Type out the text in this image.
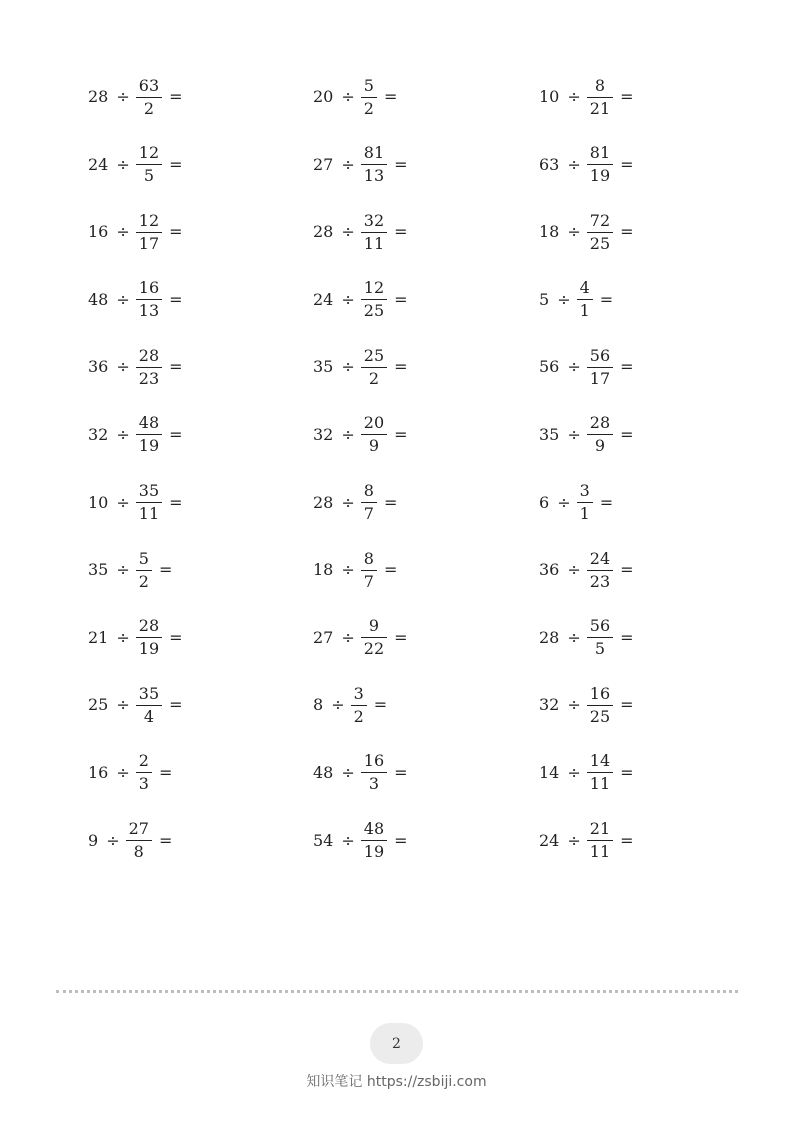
$28 \div \frac{63}{2}$ =	$20 \div \frac{5}{2}$ =	$10 \div \frac{8}{21}$ =
$24 \div \frac{12}{5}$ =	$27 \div \frac{81}{13}$ =	$63 \div \frac{81}{19}$ =
$16 \div \frac{12}{17}$ =	$28 \div \frac{32}{11}$ =	$18 \div \frac{72}{25}$ =
$48 \div \frac{16}{13}$ =	$24 \div \frac{12}{25}$ =	$5 \div \frac{4}{1}$ =
$36 \div \frac{28}{23}$ =	$35 \div \frac{25}{2}$ =	$56 \div \frac{56}{17}$ =
$32 \div \frac{48}{19}$ =	$32 \div \frac{20}{9}$ =	$35 \div \frac{28}{9}$ =
$10 \div \frac{35}{11}$ =	$28 \div \frac{8}{7}$ =	$6 \div \frac{3}{1}$ =
$35 \div \frac{5}{2}$ =	$18 \div \frac{8}{7}$ =	$36 \div \frac{24}{23}$ =
$21 \div \frac{28}{19}$ =	$27 \div \frac{9}{22}$ =	$28 \div \frac{56}{5}$ =
$25 \div \frac{35}{4}$ =	$8 \div \frac{3}{2}$ =	$32 \div \frac{16}{25}$ =
$16 \div \frac{2}{3}$ =	$48 \div \frac{16}{3}$ =	$14 \div \frac{14}{11}$ =
$9 \div \frac{27}{8}$ =	$54 \div \frac{48}{19}$ =	$24 \div \frac{21}{11}$ =
2
知识笔记 https://zsbiji.com
